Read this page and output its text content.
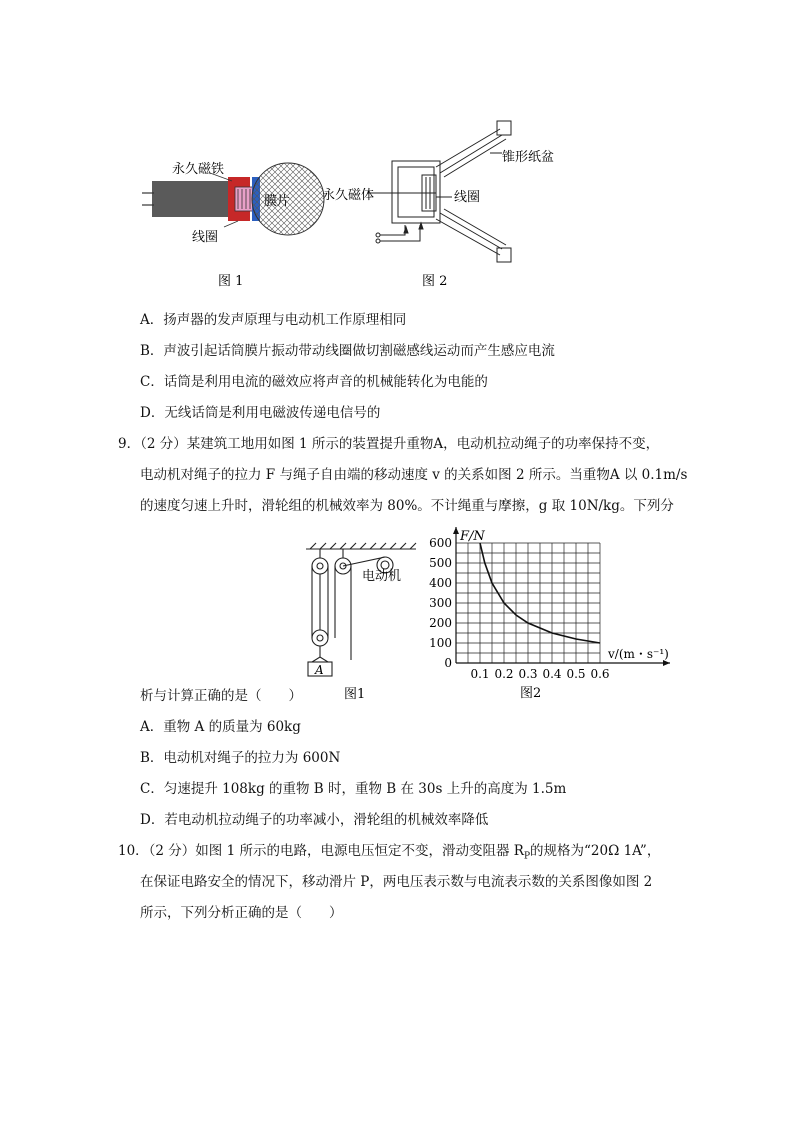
永久磁铁
膜片
线圈
图 1
锥形纸盆
永久磁体	线圈
图 2
A．扬声器的发声原理与电动机工作原理相同
B．声波引起话筒膜片振动带动线圈做切割磁感线运动而产生感应电流
C．话筒是利用电流的磁效应将声音的机械能转化为电能的
D．无线话筒是利用电磁波传递电信号的
9．（2 分）某建筑工地用如图 1 所示的装置提升重物A，电动机拉动绳子的功率保持不变，
电动机对绳子的拉力 F 与绳子自由端的移动速度 v 的关系如图 2 所示。当重物A 以 0.1m/s
的速度匀速上升时，滑轮组的机械效率为 80%。不计绳重与摩擦，g 取 10N/kg。下列分
电动机
A
图1
0
100
200
300
400
500
600
0.1 0.2 0.3 0.4 0.5 0.6
F/N
v/(m・s⁻¹)
图2
析与计算正确的是（　　）
A．重物 A 的质量为 60kg
B．电动机对绳子的拉力为 600N
C．匀速提升 108kg 的重物 B 时，重物 B 在 30s 上升的高度为 1.5m
D．若电动机拉动绳子的功率减小，滑轮组的机械效率降低
10．（2 分）如图 1 所示的电路，电源电压恒定不变，滑动变阻器 $R_P$的规格为“20Ω 1A”，
在保证电路安全的情况下，移动滑片 P，两电压表示数与电流表示数的关系图像如图 2
所示，下列分析正确的是（　　）
